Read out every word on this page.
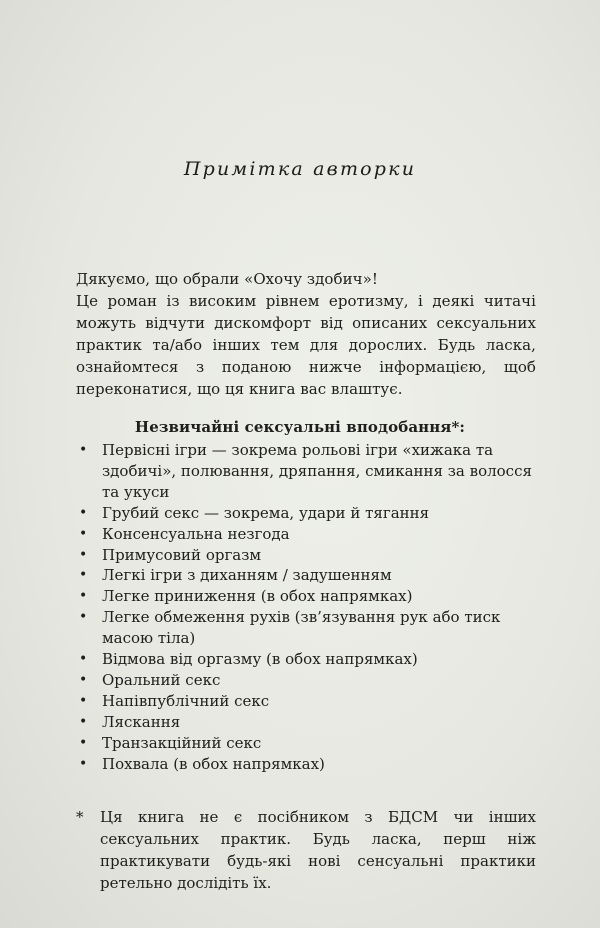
Примітка авторки

Дякуємо, що обрали «Охочу здобич»!

Це роман із високим рівнем еротизму, і деякі читачі можуть відчути дискомфорт від описаних сексуальних практик та/або інших тем для дорослих. Будь ласка, ознайомтеся з поданою нижче інформацією, щоб переконатися, що ця книга вас влаштує.

Незвичайні сексуальні вподобання*:
• Первісні ігри — зокрема рольові ігри «хижака та здобичі», полювання, дряпання, смикання за волосся та укуси
• Грубий секс — зокрема, удари й тягання
• Консенсуальна незгода
• Примусовий оргазм
• Легкі ігри з диханням / задушенням
• Легке приниження (в обох напрямках)
• Легке обмеження рухів (зв’язування рук або тиск масою тіла)
• Відмова від оргазму (в обох напрямках)
• Оральний секс
• Напівпублічний секс
• Ляскання
• Транзакційний секс
• Похвала (в обох напрямках)
* Ця книга не є посібником з БДСМ чи інших сексуальних практик. Будь ласка, перш ніж практикувати будь-які нові сенсуальні практики ретельно дослідіть їх.
